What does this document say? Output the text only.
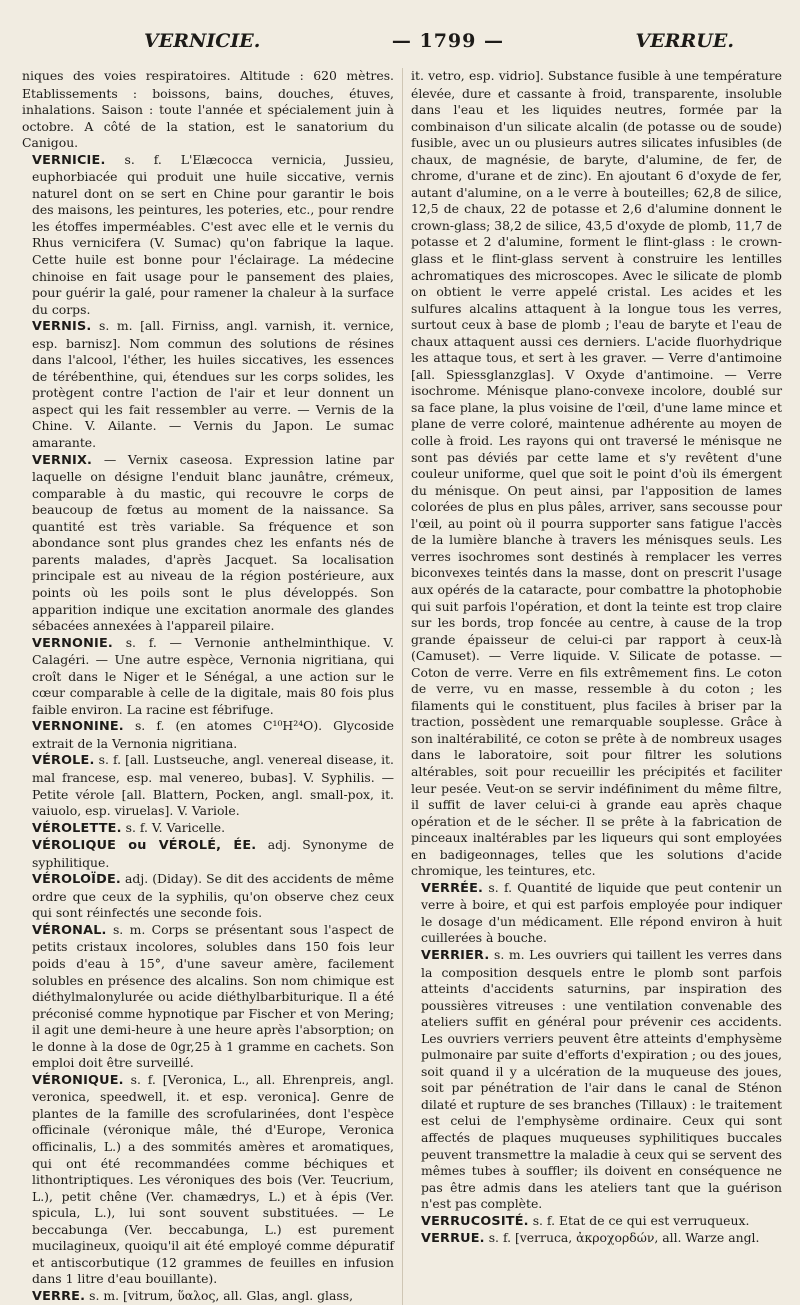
VERNICIE.	— 1799 —	VERRUE.

niques des voies respiratoires. Altitude : 620 mètres. Etablissements : boissons, bains, douches, étuves, inhalations. Saison : toute l'année et spécialement juin à octobre. A côté de la station, est le sanatorium du Canigou.

VERNICIE. s. f. L'Elæcocca vernicia, Jussieu, euphorbiacée qui produit une huile siccative, vernis naturel dont on se sert en Chine pour garantir le bois des maisons, les peintures, les poteries, etc., pour rendre les étoffes imperméables. C'est avec elle et le vernis du Rhus vernicifera (V. Sumac) qu'on fabrique la laque. Cette huile est bonne pour l'éclairage. La médecine chinoise en fait usage pour le pansement des plaies, pour guérir la galé, pour ramener la chaleur à la surface du corps.

VERNIS. s. m. [all. Firniss, angl. varnish, it. vernice, esp. barnisz]. Nom commun des solutions de résines dans l'alcool, l'éther, les huiles siccatives, les essences de térébenthine, qui, étendues sur les corps solides, les protègent contre l'action de l'air et leur donnent un aspect qui les fait ressembler au verre. — Vernis de la Chine. V. Ailante. — Vernis du Japon. Le sumac amarante.

VERNIX. — Vernix caseosa. Expression latine par laquelle on désigne l'enduit blanc jaunâtre, crémeux, comparable à du mastic, qui recouvre le corps de beaucoup de fœtus au moment de la naissance. Sa quantité est très variable. Sa fréquence et son abondance sont plus grandes chez les enfants nés de parents malades, d'après Jacquet. Sa localisation principale est au niveau de la région postérieure, aux points où les poils sont le plus développés. Son apparition indique une excitation anormale des glandes sébacées annexées à l'appareil pilaire.

VERNONIE. s. f. — Vernonie anthelminthique. V. Calagéri. — Une autre espèce, Vernonia nigritiana, qui croît dans le Niger et le Sénégal, a une action sur le cœur comparable à celle de la digitale, mais 80 fois plus faible environ. La racine est fébrifuge.

VERNONINE. s. f. (en atomes C¹⁰H²⁴O). Glycoside extrait de la Vernonia nigritiana.

VÉROLE. s. f. [all. Lustseuche, angl. venereal disease, it. mal francese, esp. mal venereo, bubas]. V. Syphilis. — Petite vérole [all. Blattern, Pocken, angl. small-pox, it. vaiuolo, esp. viruelas]. V. Variole.

VÉROLETTE. s. f. V. Varicelle.

VÉROLIQUE ou VÉROLÉ, ÉE. adj. Synonyme de syphilitique.

VÉROLOÏDE. adj. (Diday). Se dit des accidents de même ordre que ceux de la syphilis, qu'on observe chez ceux qui sont réinfectés une seconde fois.

VÉRONAL. s. m. Corps se présentant sous l'aspect de petits cristaux incolores, solubles dans 150 fois leur poids d'eau à 15°, d'une saveur amère, facilement solubles en présence des alcalins. Son nom chimique est diéthylmalonylurée ou acide diéthylbarbiturique. Il a été préconisé comme hypnotique par Fischer et von Mering; il agit une demi-heure à une heure après l'absorption; on le donne à la dose de 0gr,25 à 1 gramme en cachets. Son emploi doit être surveillé.

VÉRONIQUE. s. f. [Veronica, L., all. Ehrenpreis, angl. veronica, speedwell, it. et esp. veronica]. Genre de plantes de la famille des scrofularinées, dont l'espèce officinale (véronique mâle, thé d'Europe, Veronica officinalis, L.) a des sommités amères et aromatiques, qui ont été recommandées comme béchiques et lithontriptiques. Les véroniques des bois (Ver. Teucrium, L.), petit chêne (Ver. chamædrys, L.) et à épis (Ver. spicula, L.), lui sont souvent substituées. — Le beccabunga (Ver. beccabunga, L.) est purement mucilagineux, quoiqu'il ait été employé comme dépuratif et antiscorbutique (12 grammes de feuilles en infusion dans 1 litre d'eau bouillante).

VERRE. s. m. [vitrum, ὕαλος, all. Glas, angl. glass,

it. vetro, esp. vidrio]. Substance fusible à une température élevée, dure et cassante à froid, transparente, insoluble dans l'eau et les liquides neutres, formée par la combinaison d'un silicate alcalin (de potasse ou de soude) fusible, avec un ou plusieurs autres silicates infusibles (de chaux, de magnésie, de baryte, d'alumine, de fer, de chrome, d'urane et de zinc). En ajoutant 6 d'oxyde de fer, autant d'alumine, on a le verre à bouteilles; 62,8 de silice, 12,5 de chaux, 22 de potasse et 2,6 d'alumine donnent le crown-glass; 38,2 de silice, 43,5 d'oxyde de plomb, 11,7 de potasse et 2 d'alumine, forment le flint-glass : le crown-glass et le flint-glass servent à construire les lentilles achromatiques des microscopes. Avec le silicate de plomb on obtient le verre appelé cristal. Les acides et les sulfures alcalins attaquent à la longue tous les verres, surtout ceux à base de plomb ; l'eau de baryte et l'eau de chaux attaquent aussi ces derniers. L'acide fluorhydrique les attaque tous, et sert à les graver. — Verre d'antimoine [all. Spiessglanzglas]. V Oxyde d'antimoine. — Verre isochrome. Ménisque plano-convexe incolore, doublé sur sa face plane, la plus voisine de l'œil, d'une lame mince et plane de verre coloré, maintenue adhérente au moyen de colle à froid. Les rayons qui ont traversé le ménisque ne sont pas déviés par cette lame et s'y revêtent d'une couleur uniforme, quel que soit le point d'où ils émergent du ménisque. On peut ainsi, par l'apposition de lames colorées de plus en plus pâles, arriver, sans secousse pour l'œil, au point où il pourra supporter sans fatigue l'accès de la lumière blanche à travers les ménisques seuls. Les verres isochromes sont destinés à remplacer les verres biconvexes teintés dans la masse, dont on prescrit l'usage aux opérés de la cataracte, pour combattre la photophobie qui suit parfois l'opération, et dont la teinte est trop claire sur les bords, trop foncée au centre, à cause de la trop grande épaisseur de celui-ci par rapport à ceux-là (Camuset). — Verre liquide. V. Silicate de potasse. — Coton de verre. Verre en fils extrêmement fins. Le coton de verre, vu en masse, ressemble à du coton ; les filaments qui le constituent, plus faciles à briser par la traction, possèdent une remarquable souplesse. Grâce à son inaltérabilité, ce coton se prête à de nombreux usages dans le laboratoire, soit pour filtrer les solutions altérables, soit pour recueillir les précipités et faciliter leur pesée. Veut-on se servir indéfiniment du même filtre, il suffit de laver celui-ci à grande eau après chaque opération et de le sécher. Il se prête à la fabrication de pinceaux inaltérables par les liqueurs qui sont employées en badigeonnages, telles que les solutions d'acide chromique, les teintures, etc.

VERRÉE. s. f. Quantité de liquide que peut contenir un verre à boire, et qui est parfois employée pour indiquer le dosage d'un médicament. Elle répond environ à huit cuillerées à bouche.

VERRIER. s. m. Les ouvriers qui taillent les verres dans la composition desquels entre le plomb sont parfois atteints d'accidents saturnins, par inspiration des poussières vitreuses : une ventilation convenable des ateliers suffit en général pour prévenir ces accidents. Les ouvriers verriers peuvent être atteints d'emphysème pulmonaire par suite d'efforts d'expiration ; ou des joues, soit quand il y a ulcération de la muqueuse des joues, soit par pénétration de l'air dans le canal de Sténon dilaté et rupture de ses branches (Tillaux) : le traitement est celui de l'emphysème ordinaire. Ceux qui sont affectés de plaques muqueuses syphilitiques buccales peuvent transmettre la maladie à ceux qui se servent des mêmes tubes à souffler; ils doivent en conséquence ne pas être admis dans les ateliers tant que la guérison n'est pas complète.

VERRUCOSITÉ. s. f. Etat de ce qui est verruqueux.

VERRUE. s. f. [verruca, ἀκροχορδών, all. Warze angl.
